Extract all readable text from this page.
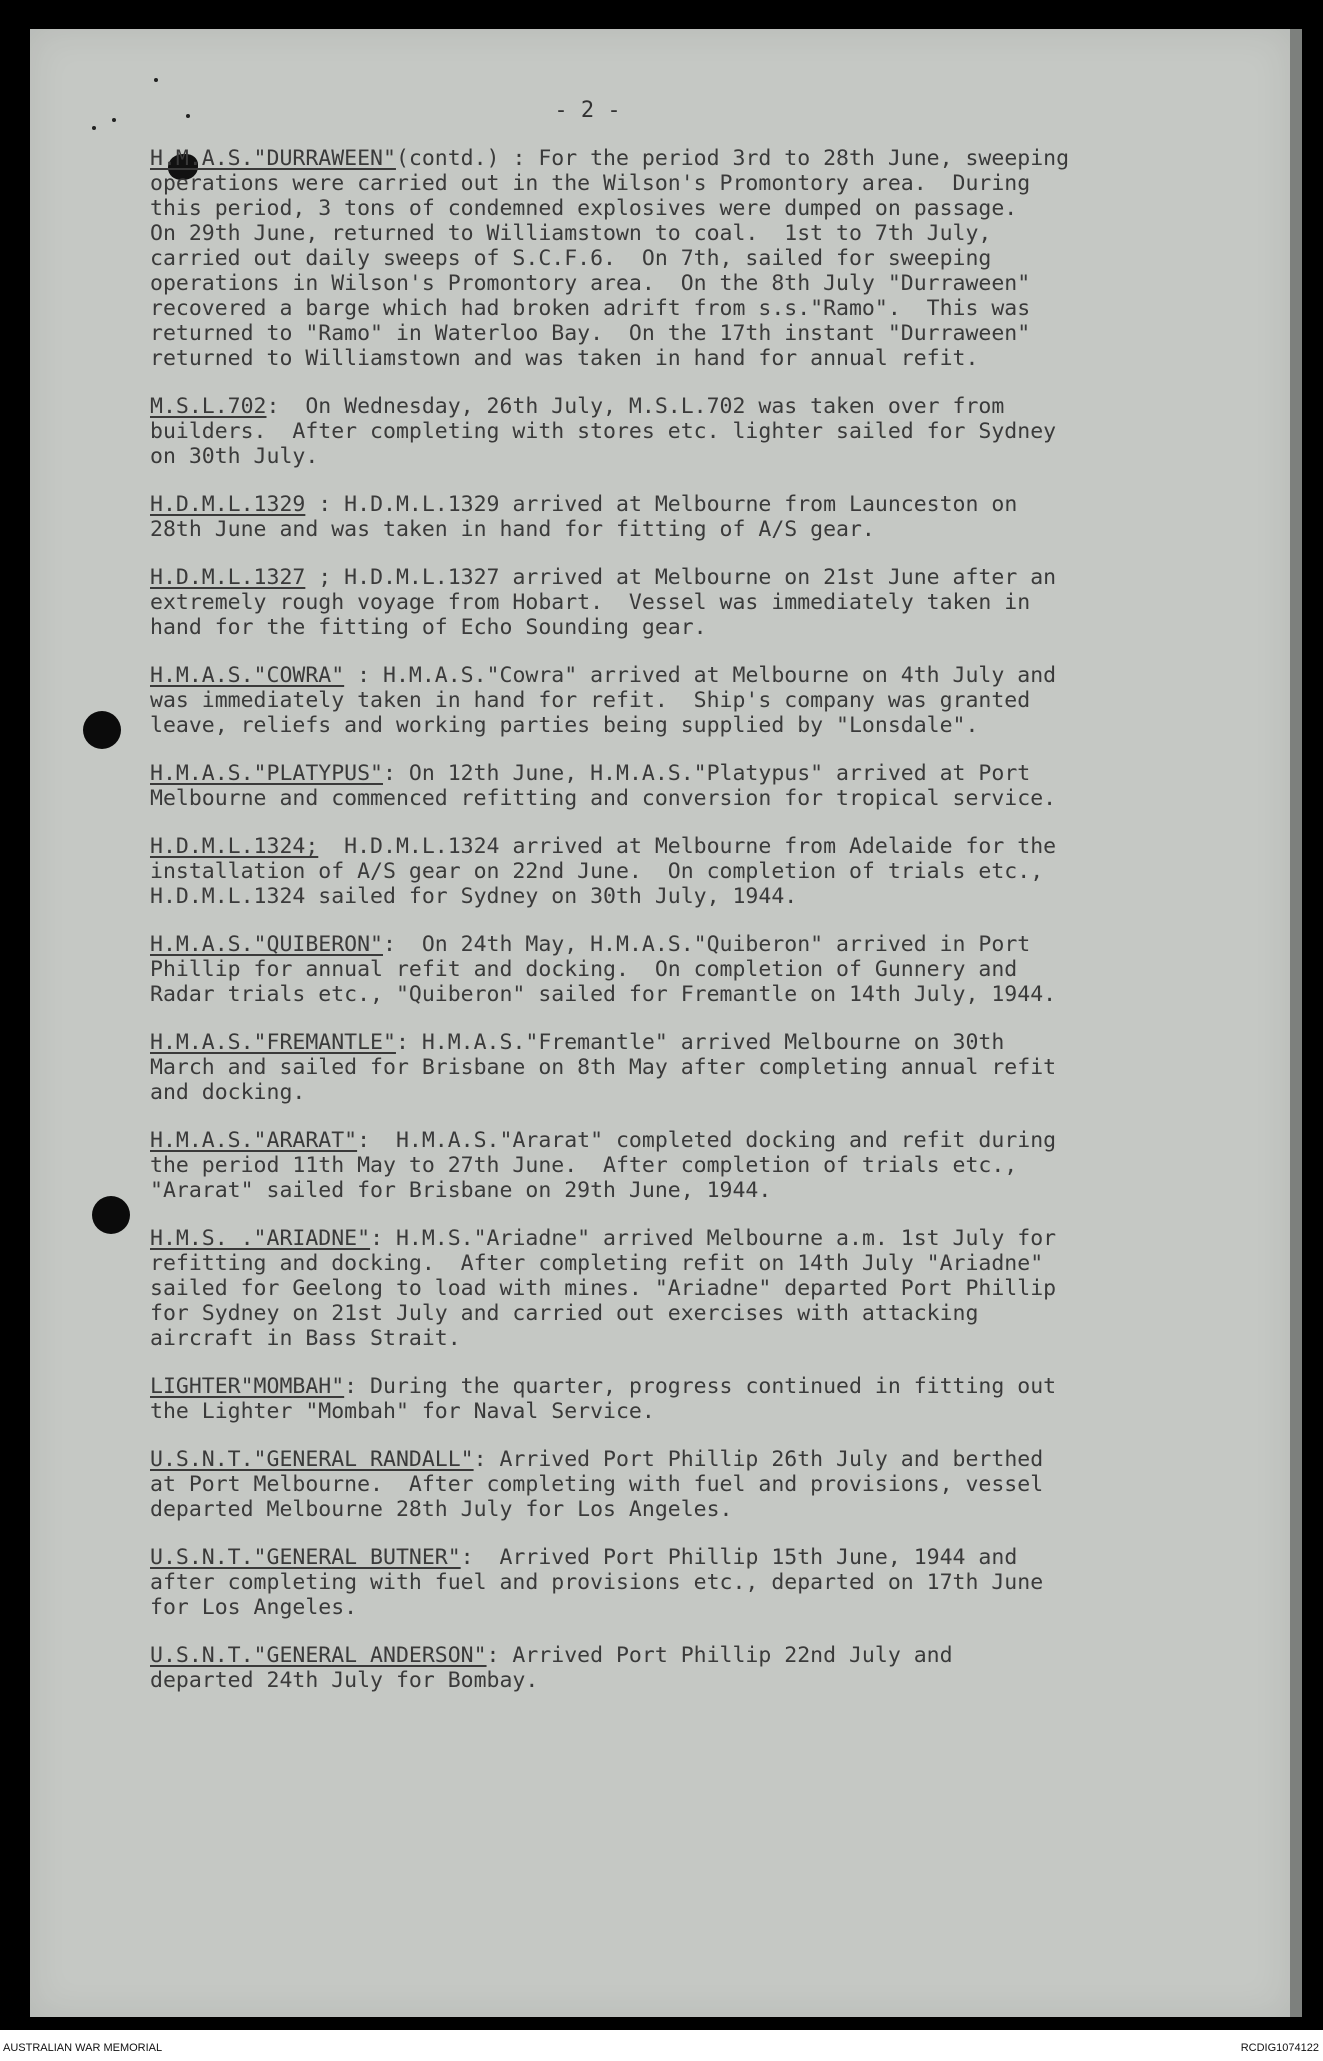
- 2 -

H.M.A.S."DURRAWEEN"(contd.) : For the period 3rd to 28th June, sweeping
operations were carried out in the Wilson's Promontory area.  During
this period, 3 tons of condemned explosives were dumped on passage.
On 29th June, returned to Williamstown to coal.  1st to 7th July,
carried out daily sweeps of S.C.F.6.  On 7th, sailed for sweeping
operations in Wilson's Promontory area.  On the 8th July "Durraween"
recovered a barge which had broken adrift from s.s."Ramo".  This was
returned to "Ramo" in Waterloo Bay.  On the 17th instant "Durraween"
returned to Williamstown and was taken in hand for annual refit.

M.S.L.702:  On Wednesday, 26th July, M.S.L.702 was taken over from
builders.  After completing with stores etc. lighter sailed for Sydney
on 30th July.

H.D.M.L.1329 : H.D.M.L.1329 arrived at Melbourne from Launceston on
28th June and was taken in hand for fitting of A/S gear.

H.D.M.L.1327 ; H.D.M.L.1327 arrived at Melbourne on 21st June after an
extremely rough voyage from Hobart.  Vessel was immediately taken in
hand for the fitting of Echo Sounding gear.

H.M.A.S."COWRA" : H.M.A.S."Cowra" arrived at Melbourne on 4th July and
was immediately taken in hand for refit.  Ship's company was granted
leave, reliefs and working parties being supplied by "Lonsdale".

H.M.A.S."PLATYPUS": On 12th June, H.M.A.S."Platypus" arrived at Port
Melbourne and commenced refitting and conversion for tropical service.

H.D.M.L.1324;  H.D.M.L.1324 arrived at Melbourne from Adelaide for the
installation of A/S gear on 22nd June.  On completion of trials etc.,
H.D.M.L.1324 sailed for Sydney on 30th July, 1944.

H.M.A.S."QUIBERON":  On 24th May, H.M.A.S."Quiberon" arrived in Port
Phillip for annual refit and docking.  On completion of Gunnery and
Radar trials etc., "Quiberon" sailed for Fremantle on 14th July, 1944.

H.M.A.S."FREMANTLE": H.M.A.S."Fremantle" arrived Melbourne on 30th
March and sailed for Brisbane on 8th May after completing annual refit
and docking.

H.M.A.S."ARARAT":  H.M.A.S."Ararat" completed docking and refit during
the period 11th May to 27th June.  After completion of trials etc.,
"Ararat" sailed for Brisbane on 29th June, 1944.

H.M.S. ."ARIADNE": H.M.S."Ariadne" arrived Melbourne a.m. 1st July for
refitting and docking.  After completing refit on 14th July "Ariadne"
sailed for Geelong to load with mines. "Ariadne" departed Port Phillip
for Sydney on 21st July and carried out exercises with attacking
aircraft in Bass Strait.

LIGHTER"MOMBAH": During the quarter, progress continued in fitting out
the Lighter "Mombah" for Naval Service.

U.S.N.T."GENERAL RANDALL": Arrived Port Phillip 26th July and berthed
at Port Melbourne.  After completing with fuel and provisions, vessel
departed Melbourne 28th July for Los Angeles.

U.S.N.T."GENERAL BUTNER":  Arrived Port Phillip 15th June, 1944 and
after completing with fuel and provisions etc., departed on 17th June
for Los Angeles.

U.S.N.T."GENERAL ANDERSON": Arrived Port Phillip 22nd July and
departed 24th July for Bombay.

AUSTRALIAN WAR MEMORIAL	RCDIG1074122
